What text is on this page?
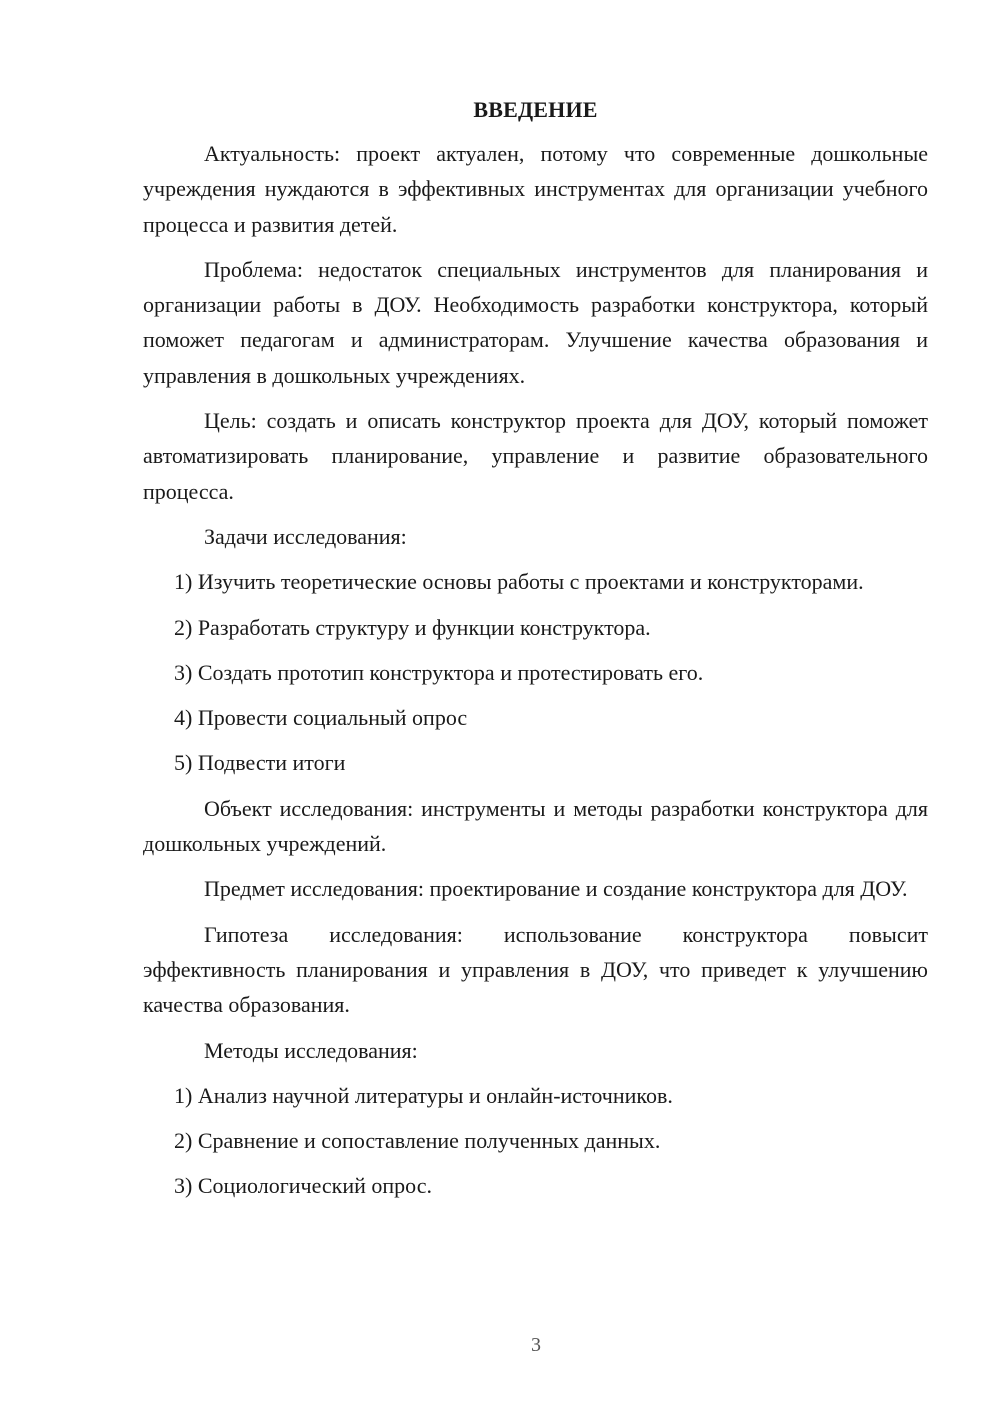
ВВЕДЕНИЕ

Актуальность: проект актуален, потому что современные дошкольные учреждения нуждаются в эффективных инструментах для организации учебного процесса и развития детей.

Проблема: недостаток специальных инструментов для планирования и организации работы в ДОУ. Необходимость разработки конструктора, который поможет педагогам и администраторам. Улучшение качества образования и управления в дошкольных учреждениях.

Цель: создать и описать конструктор проекта для ДОУ, который поможет автоматизировать планирование, управление и развитие образовательного процесса.

Задачи исследования:

1) Изучить теоретические основы работы с проектами и конструкторами.

2) Разработать структуру и функции конструктора.

3) Создать прототип конструктора и протестировать его.

4) Провести социальный опрос

5) Подвести итоги

Объект исследования: инструменты и методы разработки конструктора для дошкольных учреждений.

Предмет исследования: проектирование и создание конструктора для ДОУ.

Гипотеза исследования: использование конструктора повысит эффективность планирования и управления в ДОУ, что приведет к улучшению качества образования.

Методы исследования:

1) Анализ научной литературы и онлайн-источников.

2) Сравнение и сопоставление полученных данных.

3) Социологический опрос.

3
